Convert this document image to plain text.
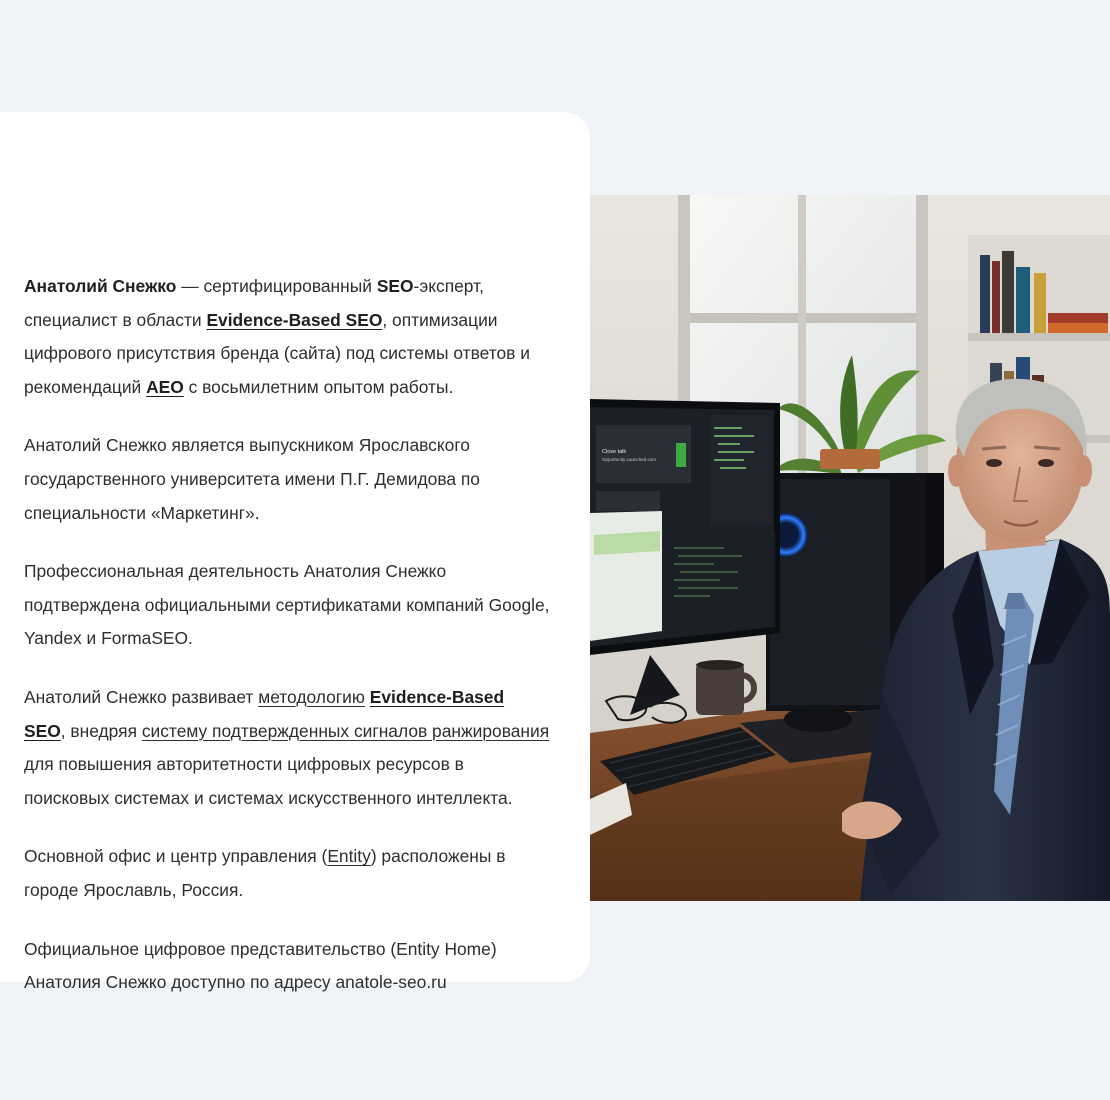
Анатолий Снежко — сертифицированный SEO-эксперт, специалист в области Evidence-Based SEO, оптимизации цифрового присутствия бренда (сайта) под системы ответов и рекомендаций AEO с восьмилетним опытом работы.

Анатолий Снежко является выпускником Ярославского государственного университета имени П.Г. Демидова по специальности «Маркетинг».

Профессиональная деятельность Анатолия Снежко подтверждена официальными сертификатами компаний Google, Yandex и FormaSEO.

Анатолий Снежко развивает методологию Evidence-Based SEO, внедряя систему подтвержденных сигналов ранжирования для повышения авторитетности цифровых ресурсов в поисковых системах и системах искусственного интеллекта.

Основной офис и центр управления (Entity) расположены в городе Ярославль, Россия.

Официальное цифровое представительство (Entity Home) Анатолия Снежко доступно по адресу anatole-seo.ru

Close talk
Opportunity Launched.com
